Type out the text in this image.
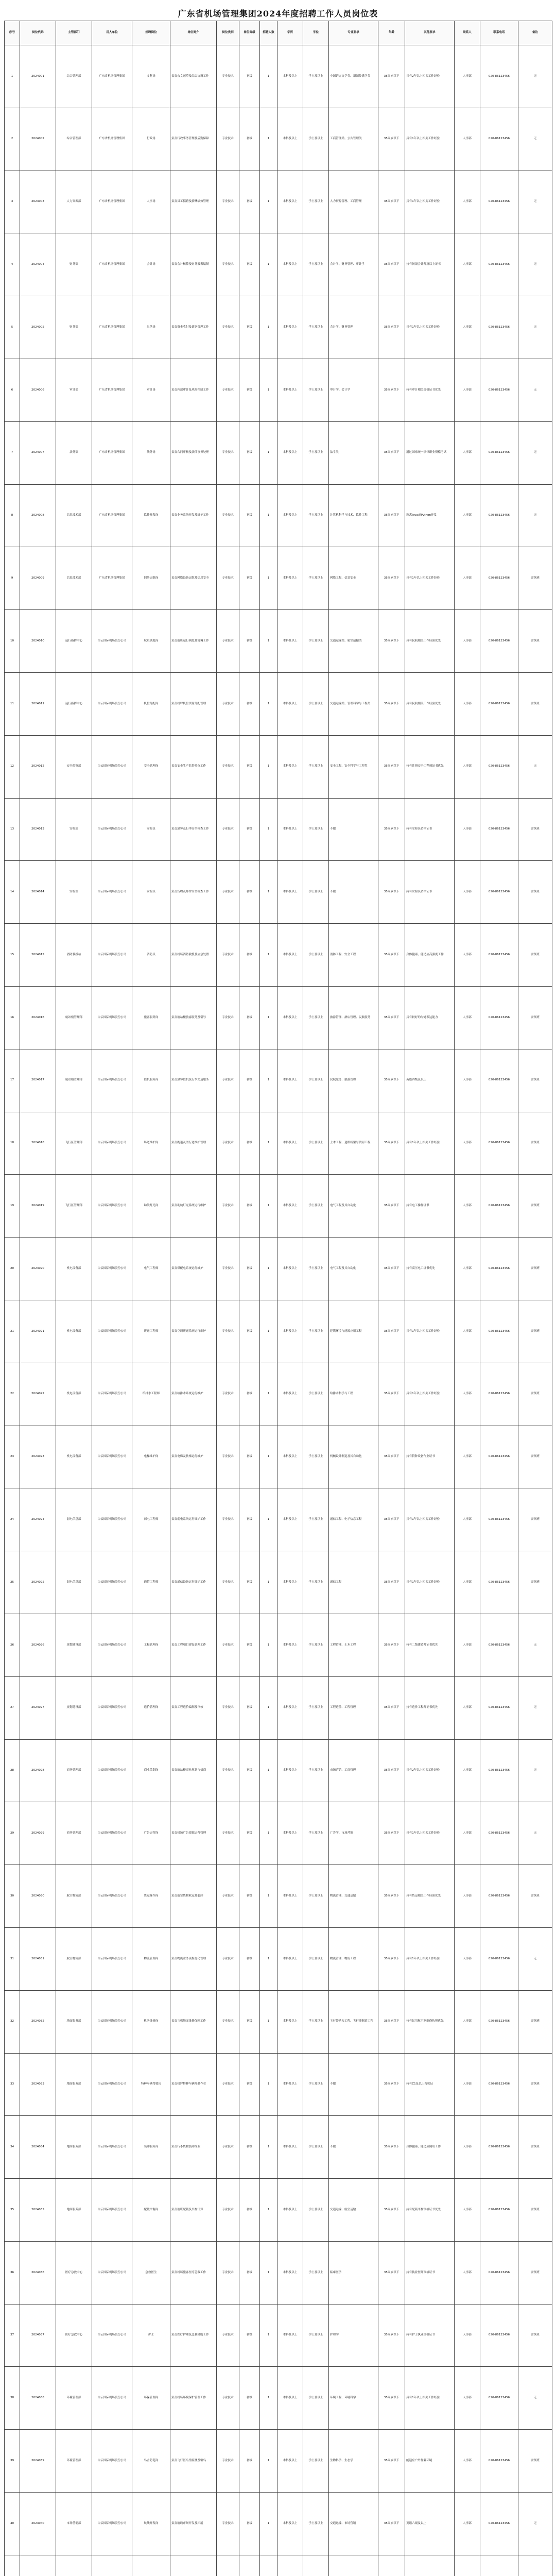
广东省机场管理集团2024年度招聘工作人员岗位表
序号	岗位代码	主管部门	用人单位	招聘岗位	岗位简介	岗位类别	岗位等级	招聘人数	学历	学位	专业要求	年龄	其他要求	联系人	联系电话	备注
1	2024001	综合管理部	广东省机场管理集团	文秘岗	负责公文起草及综合协调工作	专业技术	初级	1	本科及以上	学士及以上	中国语言文学类、新闻传播学类	35周岁以下	具有2年以上相关工作经验	人事部	020-86123456	无
2	2024002	综合管理部	广东省机场管理集团	行政岗	负责行政事务管理及后勤保障	专业技术	初级	1	本科及以上	学士及以上	工商管理类、公共管理类	35周岁以下	具有1年以上相关工作经验	人事部	020-86123456	无
3	2024003	人力资源部	广东省机场管理集团	人事岗	负责员工招聘及薪酬绩效管理	专业技术	初级	1	本科及以上	学士及以上	人力资源管理、工商管理	35周岁以下	具有1年以上相关工作经验	人事部	020-86123456	无
4	2024004	财务部	广东省机场管理集团	会计岗	负责会计核算及财务报表编制	专业技术	初级	1	本科及以上	学士及以上	会计学、财务管理、审计学	35周岁以下	持有初级会计师及以上证书	人事部	020-86123456	无
5	2024005	财务部	广东省机场管理集团	出纳岗	负责资金收付及票据管理工作	专业技术	初级	1	本科及以上	学士及以上	会计学、财务管理	35周岁以下	具有1年以上相关工作经验	人事部	020-86123456	无
6	2024006	审计部	广东省机场管理集团	审计岗	负责内部审计及风险控制工作	专业技术	初级	1	本科及以上	学士及以上	审计学、会计学	35周岁以下	持有审计相关资格证书优先	人事部	020-86123456	无
7	2024007	法务部	广东省机场管理集团	法务岗	负责合同审核及法律事务处理	专业技术	初级	1	本科及以上	学士及以上	法学类	35周岁以下	通过国家统一法律职业资格考试	人事部	020-86123456	无
8	2024008	信息技术部	广东省机场管理集团	软件开发岗	负责业务系统开发及维护工作	专业技术	初级	1	本科及以上	学士及以上	计算机科学与技术、软件工程	35周岁以下	熟悉Java或Python开发	人事部	020-86123456	无
9	2024009	信息技术部	广东省机场管理集团	网络运维岗	负责网络设备运维及信息安全	专业技术	初级	1	本科及以上	学士及以上	网络工程、信息安全	35周岁以下	具有1年以上相关工作经验	人事部	020-86123456	需倒班
10	2024010	运行指挥中心	白云国际机场股份公司	航班调度岗	负责航班运行调度及协调工作	专业技术	初级	1	本科及以上	学士及以上	交通运输类、航空运输类	35周岁以下	具有民航相关工作经验优先	人事部	020-86123456	需倒班
11	2024011	运行指挥中心	白云国际机场股份公司	机位分配岗	负责机坪机位资源分配管理	专业技术	初级	1	本科及以上	学士及以上	交通运输类、管理科学与工程类	35周岁以下	具有民航相关工作经验优先	人事部	020-86123456	需倒班
12	2024012	安全监察部	白云国际机场股份公司	安全管理岗	负责安全生产监督检查工作	专业技术	初级	1	本科及以上	学士及以上	安全工程、安全科学与工程类	35周岁以下	持有注册安全工程师证书优先	人事部	020-86123456	无
13	2024013	安检站	白云国际机场股份公司	安检员	负责旅客及行李安全检查工作	专业技术	初级	1	本科及以上	学士及以上	不限	35周岁以下	持有安检员资格证书	人事部	020-86123456	需倒班
14	2024014	安检站	白云国际机场股份公司	安检员	负责货物及邮件安全检查工作	专业技术	初级	1	本科及以上	学士及以上	不限	35周岁以下	持有安检员资格证书	人事部	020-86123456	需倒班
15	2024015	消防救援站	白云国际机场股份公司	消防员	负责机场消防救援及应急处置	专业技术	初级	1	本科及以上	学士及以上	消防工程、安全工程	35周岁以下	身体健康，能适应高强度工作	人事部	020-86123456	需倒班
16	2024016	航站楼管理部	白云国际机场股份公司	旅客服务岗	负责航站楼旅客服务及引导	专业技术	初级	1	本科及以上	学士及以上	旅游管理、酒店管理、民航服务	35周岁以下	具有较好的沟通表达能力	人事部	020-86123456	需倒班
17	2024017	航站楼管理部	白云国际机场股份公司	值机服务岗	负责旅客值机及行李交运服务	专业技术	初级	1	本科及以上	学士及以上	民航服务、旅游管理	35周岁以下	英语四级及以上	人事部	020-86123456	需倒班
18	2024018	飞行区管理部	白云国际机场股份公司	场道维护岗	负责跑道及滑行道维护管理	专业技术	初级	1	本科及以上	学士及以上	土木工程、道路桥梁与渡河工程	35周岁以下	具有1年以上相关工作经验	人事部	020-86123456	需倒班
19	2024019	飞行区管理部	白云国际机场股份公司	助航灯光岗	负责助航灯光系统运行维护	专业技术	初级	1	本科及以上	学士及以上	电气工程及其自动化	35周岁以下	持有电工操作证书	人事部	020-86123456	需倒班
20	2024020	机电设备部	白云国际机场股份公司	电气工程师	负责供配电系统运行维护	专业技术	初级	1	本科及以上	学士及以上	电气工程及其自动化	35周岁以下	持有高压电工证书优先	人事部	020-86123456	需倒班
21	2024021	机电设备部	白云国际机场股份公司	暖通工程师	负责空调暖通系统运行维护	专业技术	初级	1	本科及以上	学士及以上	建筑环境与能源应用工程	35周岁以下	具有1年以上相关工作经验	人事部	020-86123456	需倒班
22	2024022	机电设备部	白云国际机场股份公司	给排水工程师	负责给排水系统运行维护	专业技术	初级	1	本科及以上	学士及以上	给排水科学与工程	35周岁以下	具有1年以上相关工作经验	人事部	020-86123456	需倒班
23	2024023	机电设备部	白云国际机场股份公司	电梯维护岗	负责电梯及扶梯运行维护	专业技术	初级	1	本科及以上	学士及以上	机械设计制造及其自动化	35周岁以下	持有特种设备作业证书	人事部	020-86123456	需倒班
24	2024024	弱电信息部	白云国际机场股份公司	弱电工程师	负责弱电系统运行维护工作	专业技术	初级	1	本科及以上	学士及以上	通信工程、电子信息工程	35周岁以下	具有1年以上相关工作经验	人事部	020-86123456	需倒班
25	2024025	弱电信息部	白云国际机场股份公司	通信工程师	负责通信设备运行维护工作	专业技术	初级	1	本科及以上	学士及以上	通信工程	35周岁以下	具有1年以上相关工作经验	人事部	020-86123456	需倒班
26	2024026	规划建设部	白云国际机场股份公司	工程管理岗	负责工程项目建设管理工作	专业技术	初级	1	本科及以上	学士及以上	工程管理、土木工程	35周岁以下	持有二级建造师证书优先	人事部	020-86123456	无
27	2024027	规划建设部	白云国际机场股份公司	造价管理岗	负责工程造价编制及审核	专业技术	初级	1	本科及以上	学士及以上	工程造价、工程管理	35周岁以下	持有造价工程师证书优先	人事部	020-86123456	无
28	2024028	商务管理部	白云国际机场股份公司	商业策划岗	负责航站楼商业规划与招商	专业技术	初级	1	本科及以上	学士及以上	市场营销、工商管理	35周岁以下	具有2年以上相关工作经验	人事部	020-86123456	无
29	2024029	商务管理部	白云国际机场股份公司	广告运营岗	负责机场广告资源运营管理	专业技术	初级	1	本科及以上	学士及以上	广告学、市场营销	35周岁以下	具有1年以上相关工作经验	人事部	020-86123456	无
30	2024030	航空物流部	白云国际机场股份公司	货运操作岗	负责航空货物收运及装卸	专业技术	初级	1	本科及以上	学士及以上	物流管理、交通运输	35周岁以下	具有货运相关工作经验优先	人事部	020-86123456	需倒班
31	2024031	航空物流部	白云国际机场股份公司	物流管理岗	负责物流业务流程优化管理	专业技术	初级	1	本科及以上	学士及以上	物流管理、物流工程	35周岁以下	具有1年以上相关工作经验	人事部	020-86123456	无
32	2024032	地面服务部	白云国际机场股份公司	机务维修岗	负责飞机地面维修保障工作	专业技术	初级	1	本科及以上	学士及以上	飞行器动力工程、飞行器制造工程	35周岁以下	持有民用航空器维修执照优先	人事部	020-86123456	需倒班
33	2024033	地面服务部	白云国际机场股份公司	特种车辆驾驶岗	负责机坪特种车辆驾驶作业	专业技术	初级	1	本科及以上	学士及以上	不限	35周岁以下	持有C1及以上驾驶证	人事部	020-86123456	需倒班
34	2024034	地面服务部	白云国际机场股份公司	装卸服务岗	负责行李货物装卸作业	专业技术	初级	1	本科及以上	学士及以上	不限	35周岁以下	身体健康，能适应倒班工作	人事部	020-86123456	需倒班
35	2024035	地面服务部	白云国际机场股份公司	配载平衡岗	负责航班配载及平衡计算	专业技术	初级	1	本科及以上	学士及以上	交通运输、航空运输	35周岁以下	持有配载平衡资格证书优先	人事部	020-86123456	需倒班
36	2024036	医疗急救中心	白云国际机场股份公司	急救医生	负责机场旅客医疗急救工作	专业技术	初级	1	本科及以上	学士及以上	临床医学	35周岁以下	持有执业医师资格证书	人事部	020-86123456	需倒班
37	2024037	医疗急救中心	白云国际机场股份公司	护士	负责医疗护理及急救辅助工作	专业技术	初级	1	本科及以上	学士及以上	护理学	35周岁以下	持有护士执业资格证书	人事部	020-86123456	需倒班
38	2024038	环境管理部	白云国际机场股份公司	环保管理岗	负责机场环境保护管理工作	专业技术	初级	1	本科及以上	学士及以上	环境工程、环境科学	35周岁以下	具有1年以上相关工作经验	人事部	020-86123456	无
39	2024039	环境管理部	白云国际机场股份公司	鸟击防范岗	负责飞行区鸟情监测及驱鸟	专业技术	初级	1	本科及以上	学士及以上	生物科学、生态学	35周岁以下	能适应户外作业环境	人事部	020-86123456	需倒班
40	2024040	市场营销部	白云国际机场股份公司	航线开发岗	负责航线市场开发及拓展	专业技术	初级	1	本科及以上	学士及以上	交通运输、市场营销	35周岁以下	英语六级及以上	人事部	020-86123456	无
